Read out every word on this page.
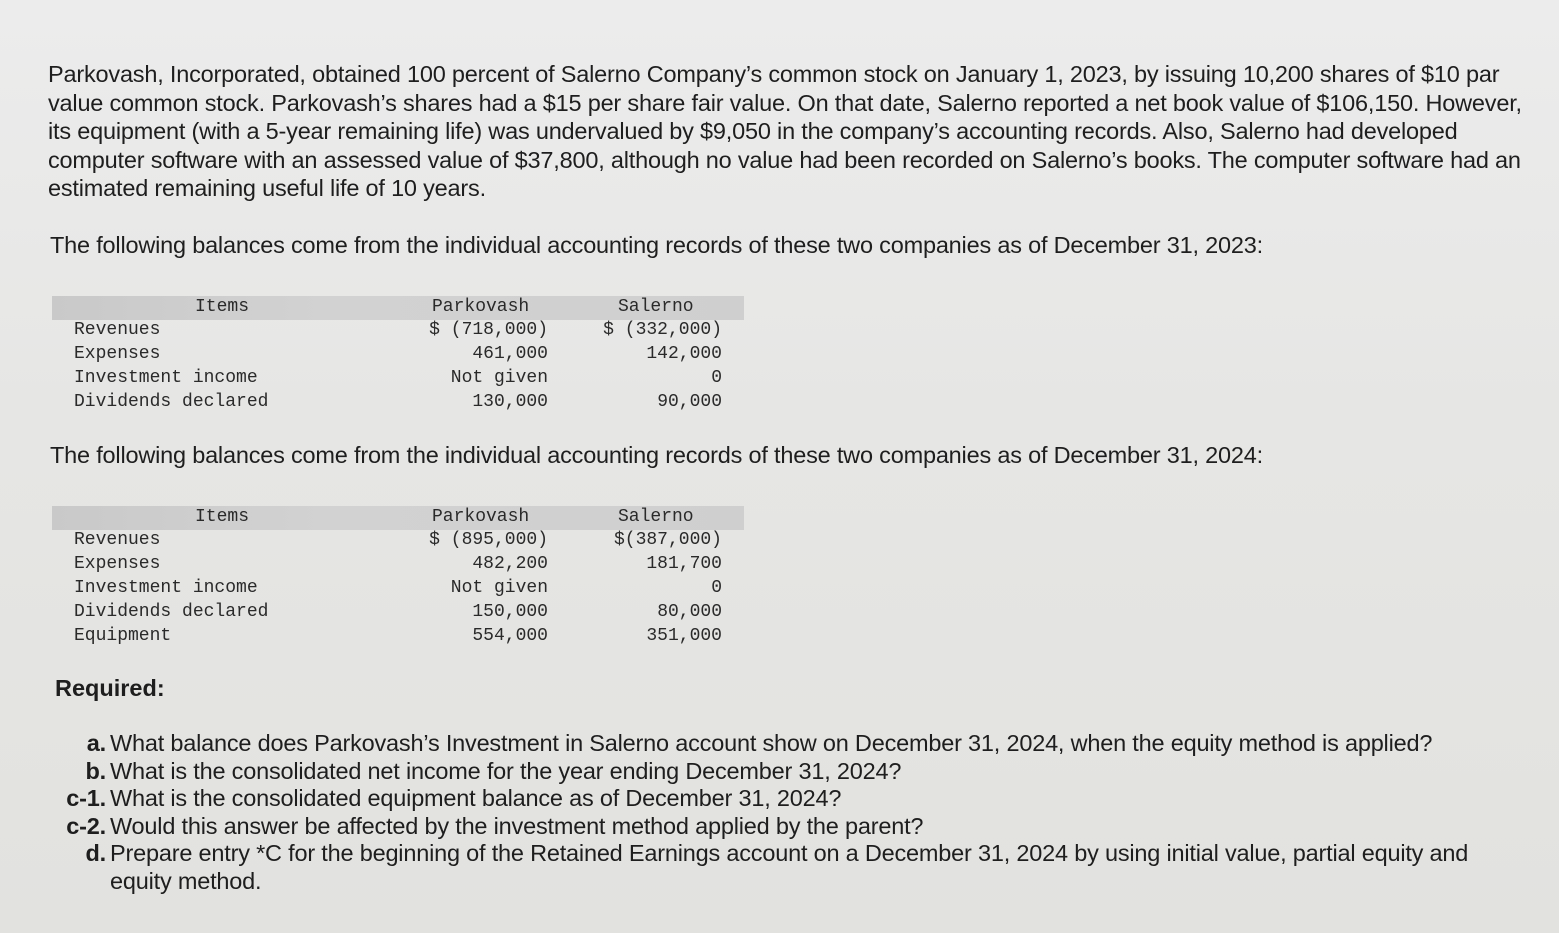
Parkovash, Incorporated, obtained 100 percent of Salerno Company’s common stock on January 1, 2023, by issuing 10,200 shares of $10 par value common stock. Parkovash’s shares had a $15 per share fair value. On that date, Salerno reported a net book value of $106,150. However, its equipment (with a 5-year remaining life) was undervalued by $9,050 in the company’s accounting records. Also, Salerno had developed computer software with an assessed value of $37,800, although no value had been recorded on Salerno’s books. The computer software had an estimated remaining useful life of 10 years.
The following balances come from the individual accounting records of these two companies as of December 31, 2023:
Items	Parkovash	Salerno
Revenues	$ (718,000)	$ (332,000)
Expenses	461,000	142,000
Investment income	Not given	0
Dividends declared	130,000	90,000
The following balances come from the individual accounting records of these two companies as of December 31, 2024:
Items	Parkovash	Salerno
Revenues	$ (895,000)	$(387,000)
Expenses	482,200	181,700
Investment income	Not given	0
Dividends declared	150,000	80,000
Equipment	554,000	351,000
Required:
a. What balance does Parkovash’s Investment in Salerno account show on December 31, 2024, when the equity method is applied?
b. What is the consolidated net income for the year ending December 31, 2024?
c-1. What is the consolidated equipment balance as of December 31, 2024?
c-2. Would this answer be affected by the investment method applied by the parent?
d. Prepare entry *C for the beginning of the Retained Earnings account on a December 31, 2024 by using initial value, partial equity and equity method.
